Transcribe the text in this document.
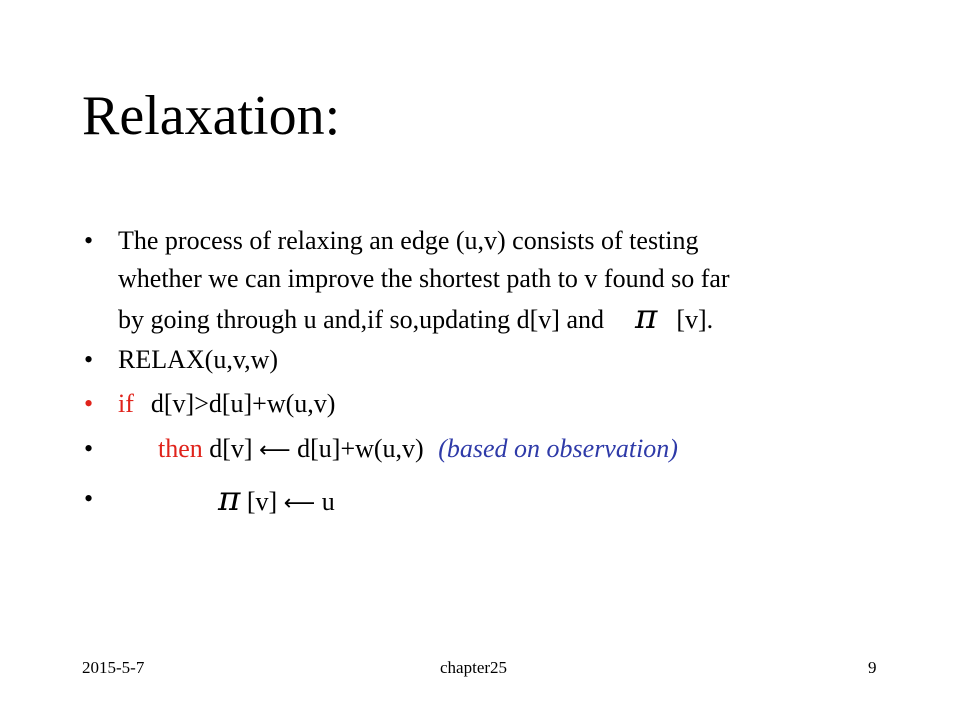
Relaxation:
• The process of relaxing an edge (u,v) consists of testing
whether we can improve the shortest path to v found so far
by going through u and,if so,updating d[v] and π [v].
• RELAX(u,v,w)
• if d[v]>d[u]+w(u,v)
•	then d[v] ⟵ d[u]+w(u,v) (based on observation)
•	π [v] ⟵ u
2015-5-7	chapter25	9
